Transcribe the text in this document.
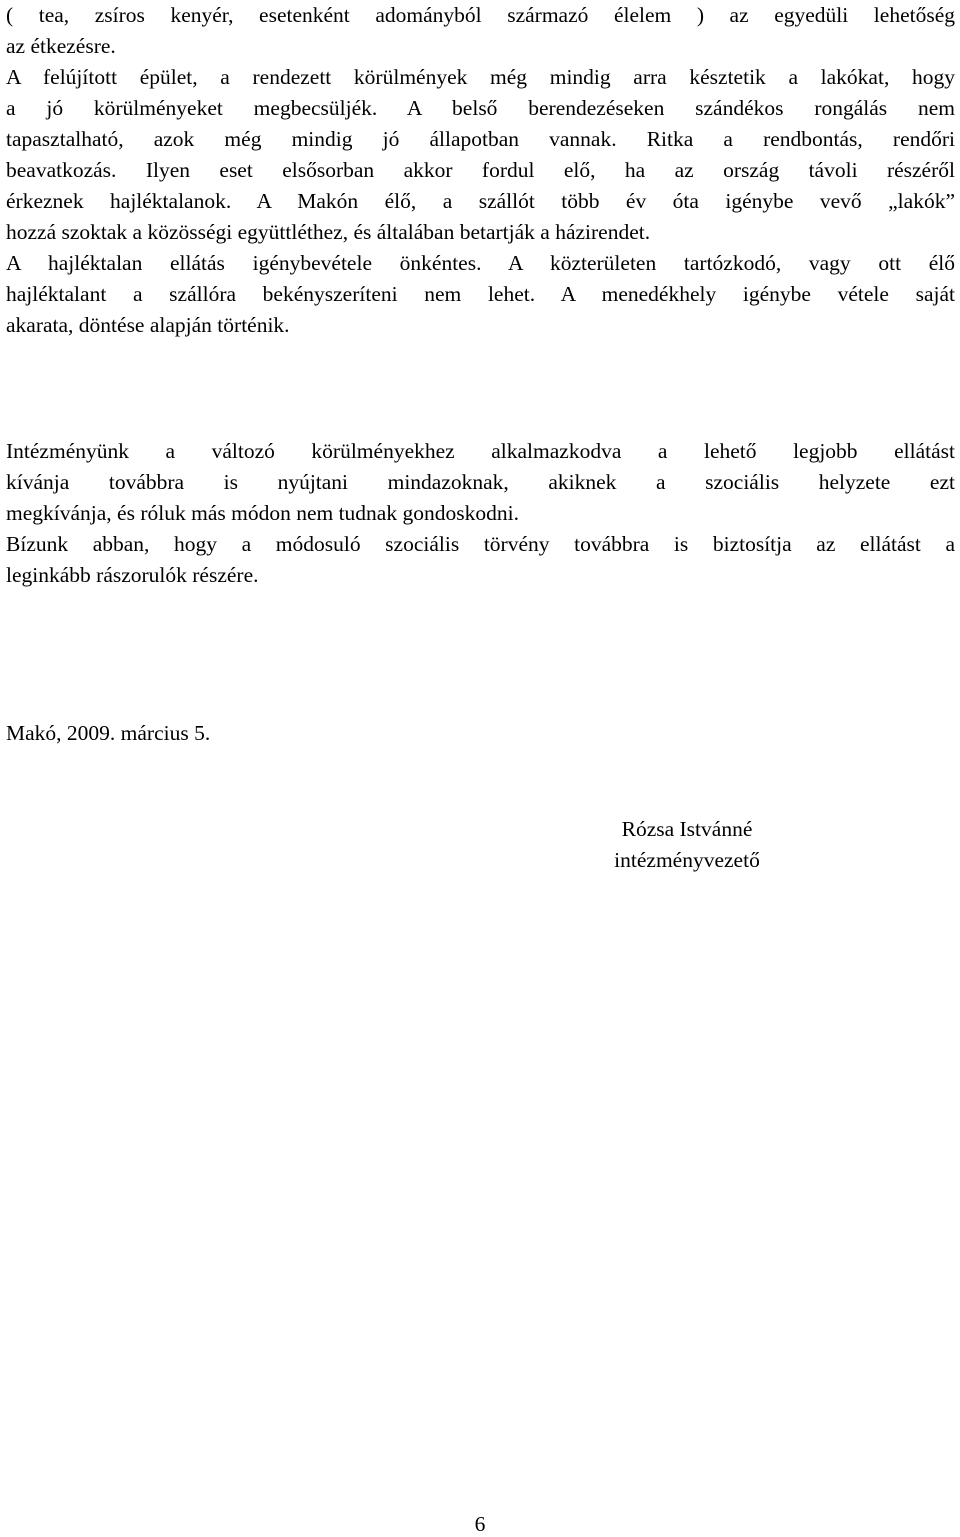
( tea, zsíros kenyér, esetenként adományból származó élelem ) az egyedüli lehetőség
az étkezésre.
A felújított épület, a rendezett körülmények még mindig arra késztetik a lakókat, hogy
a jó körülményeket megbecsüljék. A belső berendezéseken szándékos rongálás nem
tapasztalható, azok még mindig jó állapotban vannak. Ritka a rendbontás, rendőri
beavatkozás. Ilyen eset elsősorban akkor fordul elő, ha az ország távoli részéről
érkeznek hajléktalanok. A Makón élő, a szállót több év óta igénybe vevő „lakók”
hozzá szoktak a közösségi együttléthez, és általában betartják a házirendet.
A hajléktalan ellátás igénybevétele önkéntes. A közterületen tartózkodó, vagy ott élő
hajléktalant a szállóra bekényszeríteni nem lehet. A menedékhely igénybe vétele saját
akarata, döntése alapján történik.
Intézményünk a változó körülményekhez alkalmazkodva a lehető legjobb ellátást
kívánja továbbra is nyújtani mindazoknak, akiknek a szociális helyzete ezt
megkívánja, és róluk más módon nem tudnak gondoskodni.
Bízunk abban, hogy a módosuló szociális törvény továbbra is biztosítja az ellátást a
leginkább rászorulók részére.
Makó, 2009. március 5.
Rózsa Istvánné
intézményvezető
6
